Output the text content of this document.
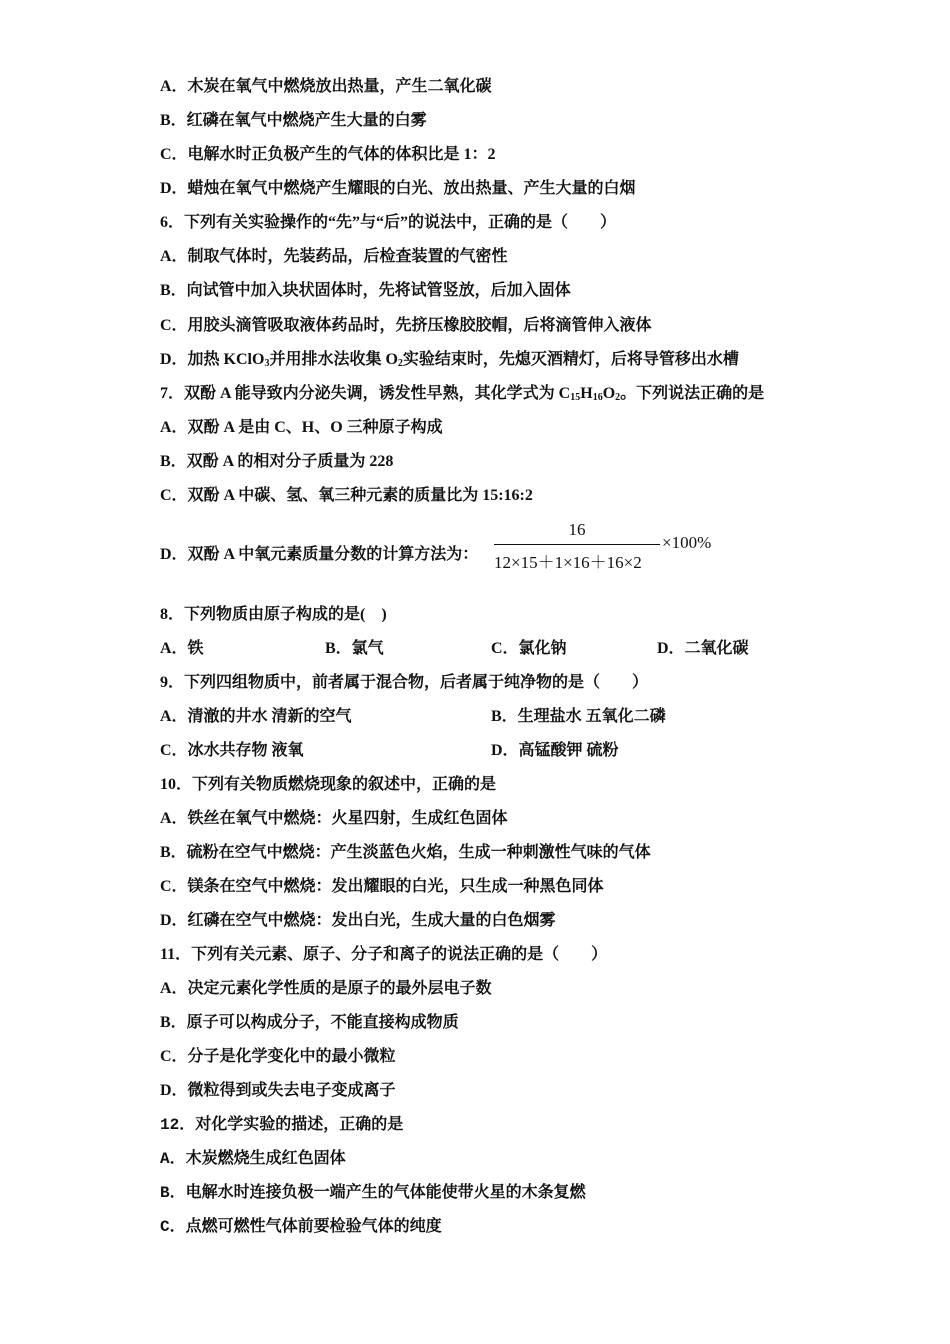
A．木炭在氧气中燃烧放出热量，产生二氧化碳
B．红磷在氧气中燃烧产生大量的白雾
C．电解水时正负极产生的气体的体积比是 1：2
D．蜡烛在氧气中燃烧产生耀眼的白光、放出热量、产生大量的白烟
6．下列有关实验操作的“先”与“后”的说法中，正确的是（　　）
A．制取气体时，先装药品，后检查装置的气密性
B．向试管中加入块状固体时，先将试管竖放，后加入固体
C．用胶头滴管吸取液体药品时，先挤压橡胶胶帽，后将滴管伸入液体
D．加热 KClO$_3$并用排水法收集 $O_2$实验结束时，先熄灭酒精灯，后将导管移出水槽
7．双酚 A 能导致内分泌失调，诱发性早熟，其化学式为 $C_{15}H_{16}O_2$。下列说法正确的是
A．双酚 A 是由 C、H、O 三种原子构成
B．双酚 A 的相对分子质量为 228
C．双酚 A 中碳、氢、氧三种元素的质量比为 15:16:2
D．双酚 A 中氧元素质量分数的计算方法为：
16
12×15＋1×16＋16×2
×100%
8．下列物质由原子构成的是(　)
A．铁	B．氯气	C．氯化钠	D．二氧化碳
9．下列四组物质中，前者属于混合物，后者属于纯净物的是（　　）
A．清澈的井水 清新的空气	B．生理盐水 五氧化二磷
C．冰水共存物 液氧	D．高锰酸钾 硫粉
10．下列有关物质燃烧现象的叙述中，正确的是
A．铁丝在氧气中燃烧：火星四射，生成红色固体
B．硫粉在空气中燃烧：产生淡蓝色火焰，生成一种刺激性气味的气体
C．镁条在空气中燃烧：发出耀眼的白光，只生成一种黑色同体
D．红磷在空气中燃烧：发出白光，生成大量的白色烟雾
11．下列有关元素、原子、分子和离子的说法正确的是（　　）
A．决定元素化学性质的是原子的最外层电子数
B．原子可以构成分子，不能直接构成物质
C．分子是化学变化中的最小微粒
D．微粒得到或失去电子变成离子
12．对化学实验的描述，正确的是
A．木炭燃烧生成红色固体
B．电解水时连接负极一端产生的气体能使带火星的木条复燃
C．点燃可燃性气体前要检验气体的纯度
